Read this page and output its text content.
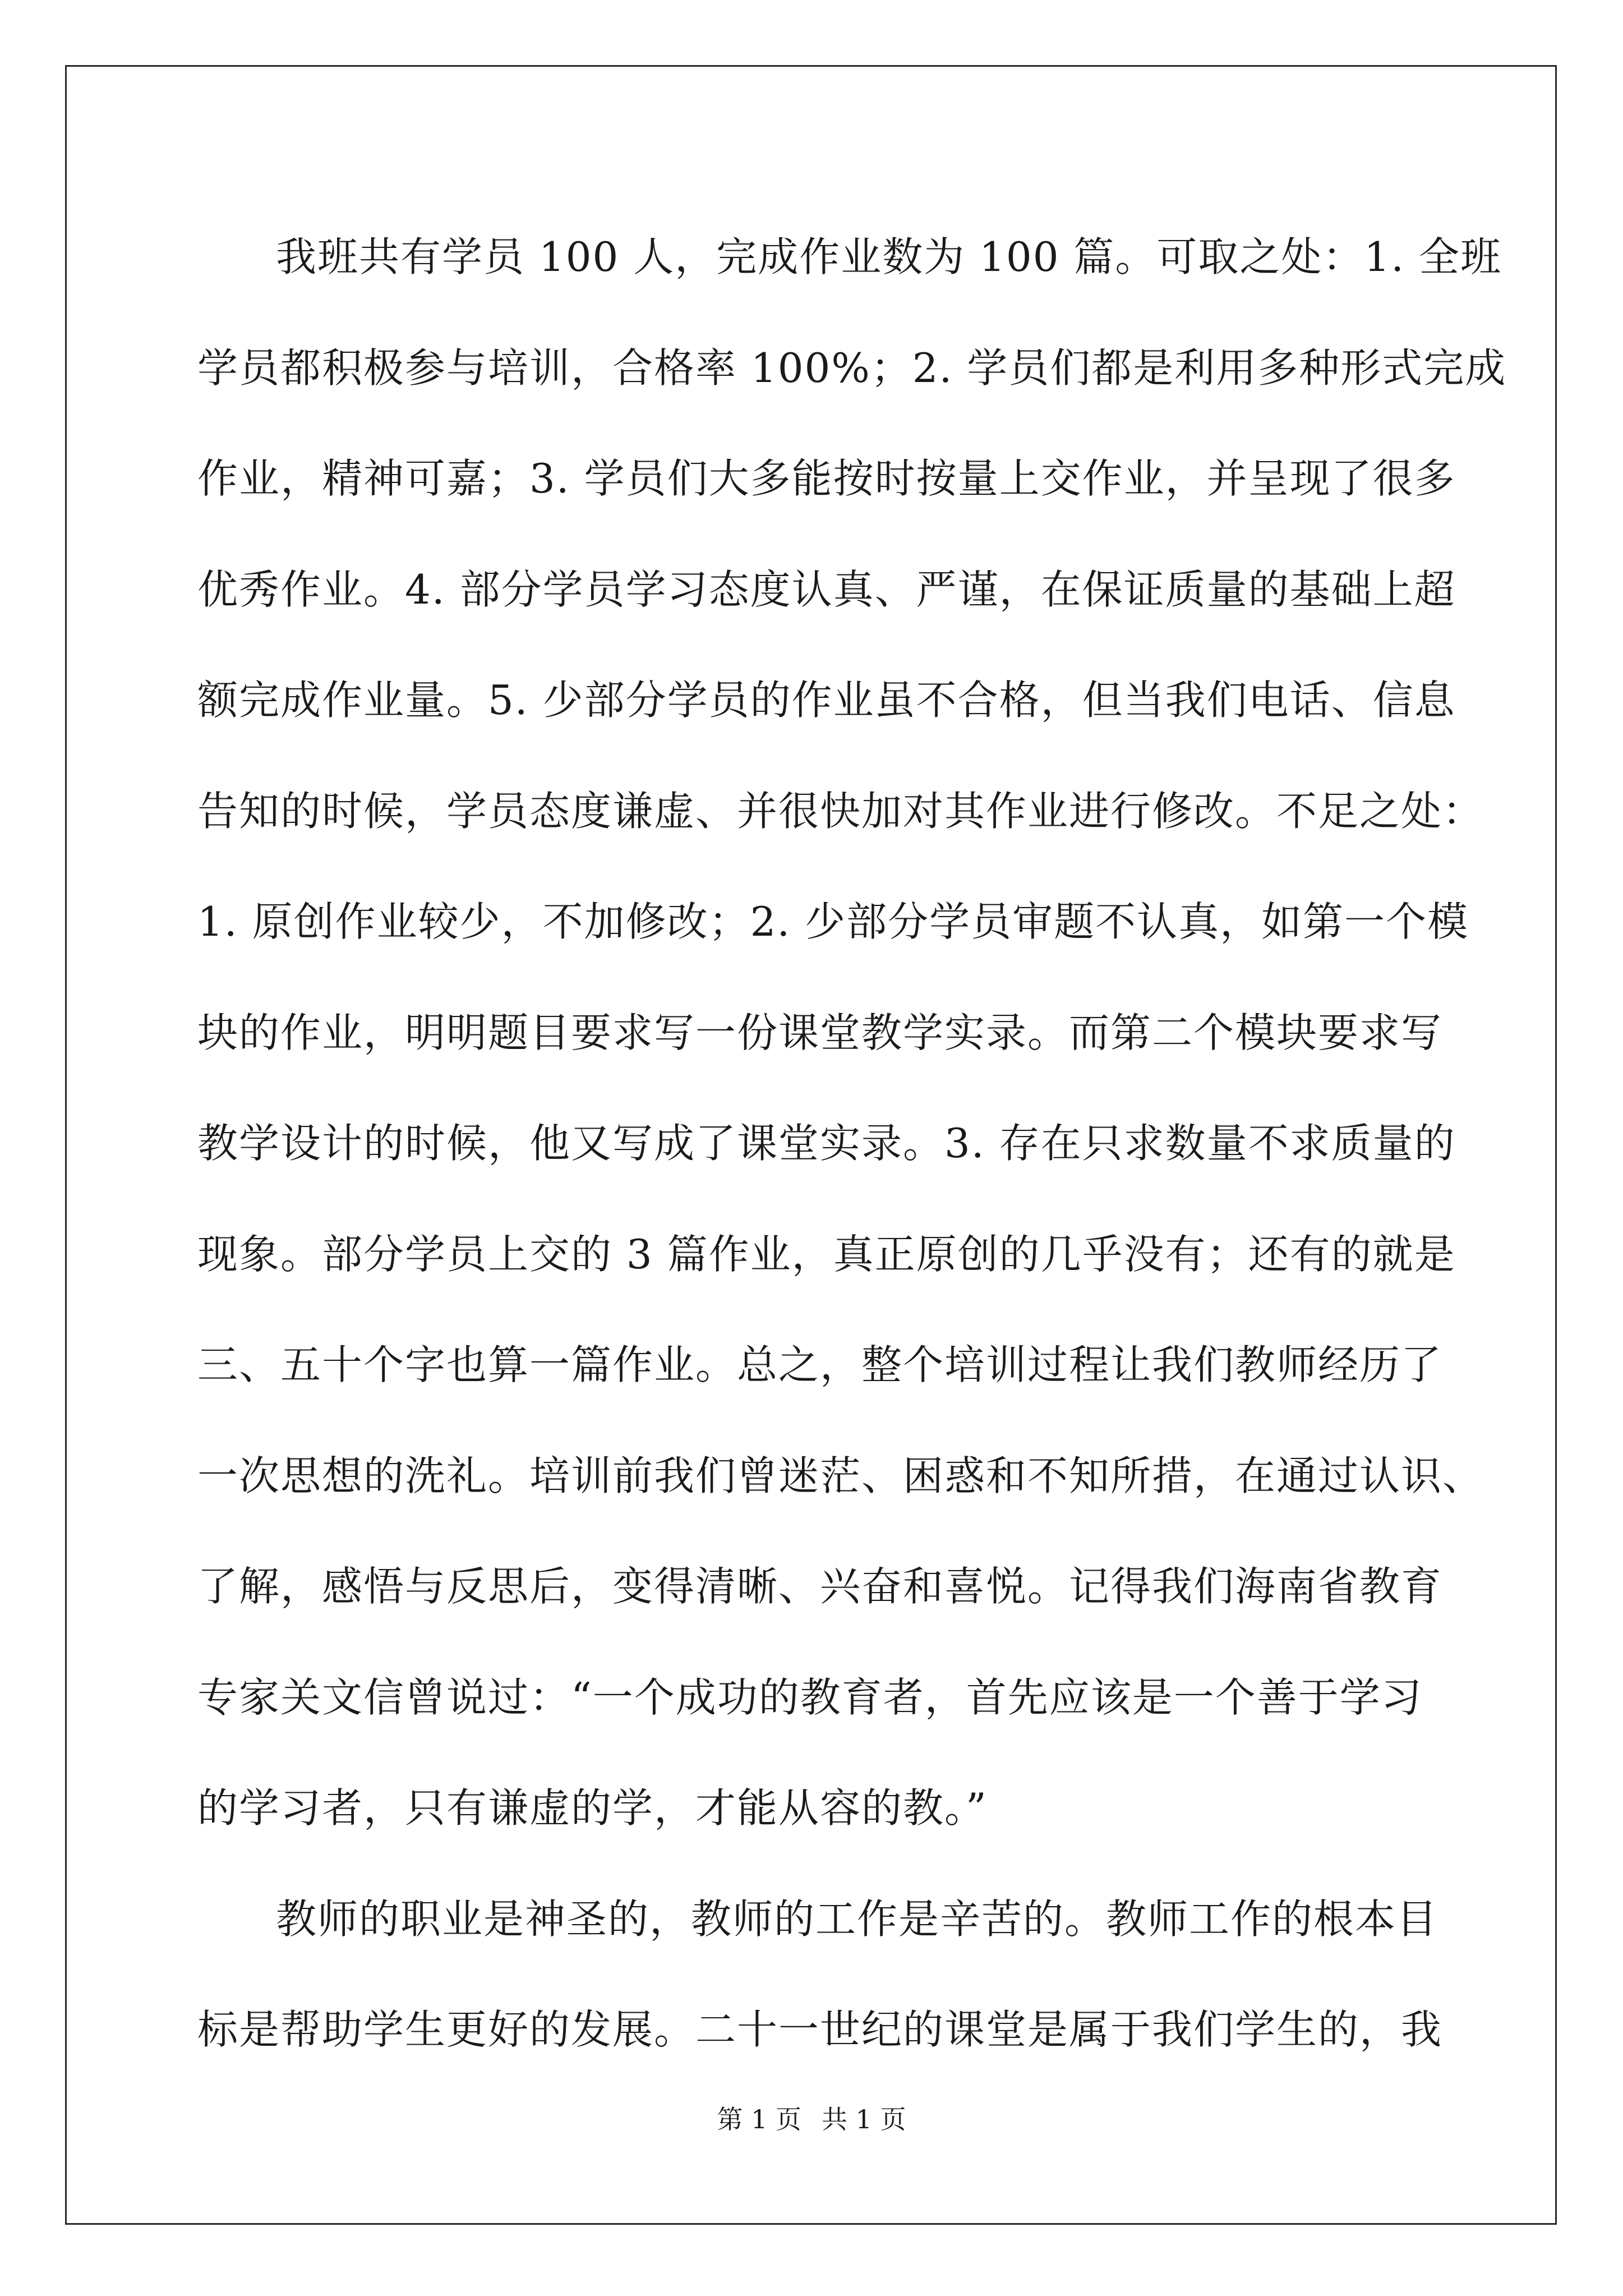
我班共有学员 100 人，完成作业数为 100 篇。可取之处：1. 全班
学员都积极参与培训，合格率 100%；2. 学员们都是利用多种形式完成
作业，精神可嘉；3. 学员们大多能按时按量上交作业，并呈现了很多
优秀作业。4. 部分学员学习态度认真、严谨，在保证质量的基础上超
额完成作业量。5. 少部分学员的作业虽不合格，但当我们电话、信息
告知的时候，学员态度谦虚、并很快加对其作业进行修改。不足之处：
1. 原创作业较少，不加修改；2. 少部分学员审题不认真，如第一个模
块的作业，明明题目要求写一份课堂教学实录。而第二个模块要求写
教学设计的时候，他又写成了课堂实录。3. 存在只求数量不求质量的
现象。部分学员上交的 3 篇作业，真正原创的几乎没有；还有的就是
三、五十个字也算一篇作业。总之，整个培训过程让我们教师经历了
一次思想的洗礼。培训前我们曾迷茫、困惑和不知所措，在通过认识、
了解，感悟与反思后，变得清晰、兴奋和喜悦。记得我们海南省教育
专家关文信曾说过：“一个成功的教育者，首先应该是一个善于学习
的学习者，只有谦虚的学，才能从容的教。”
教师的职业是神圣的，教师的工作是辛苦的。教师工作的根本目
标是帮助学生更好的发展。二十一世纪的课堂是属于我们学生的，我
第 1 页 共 1 页
